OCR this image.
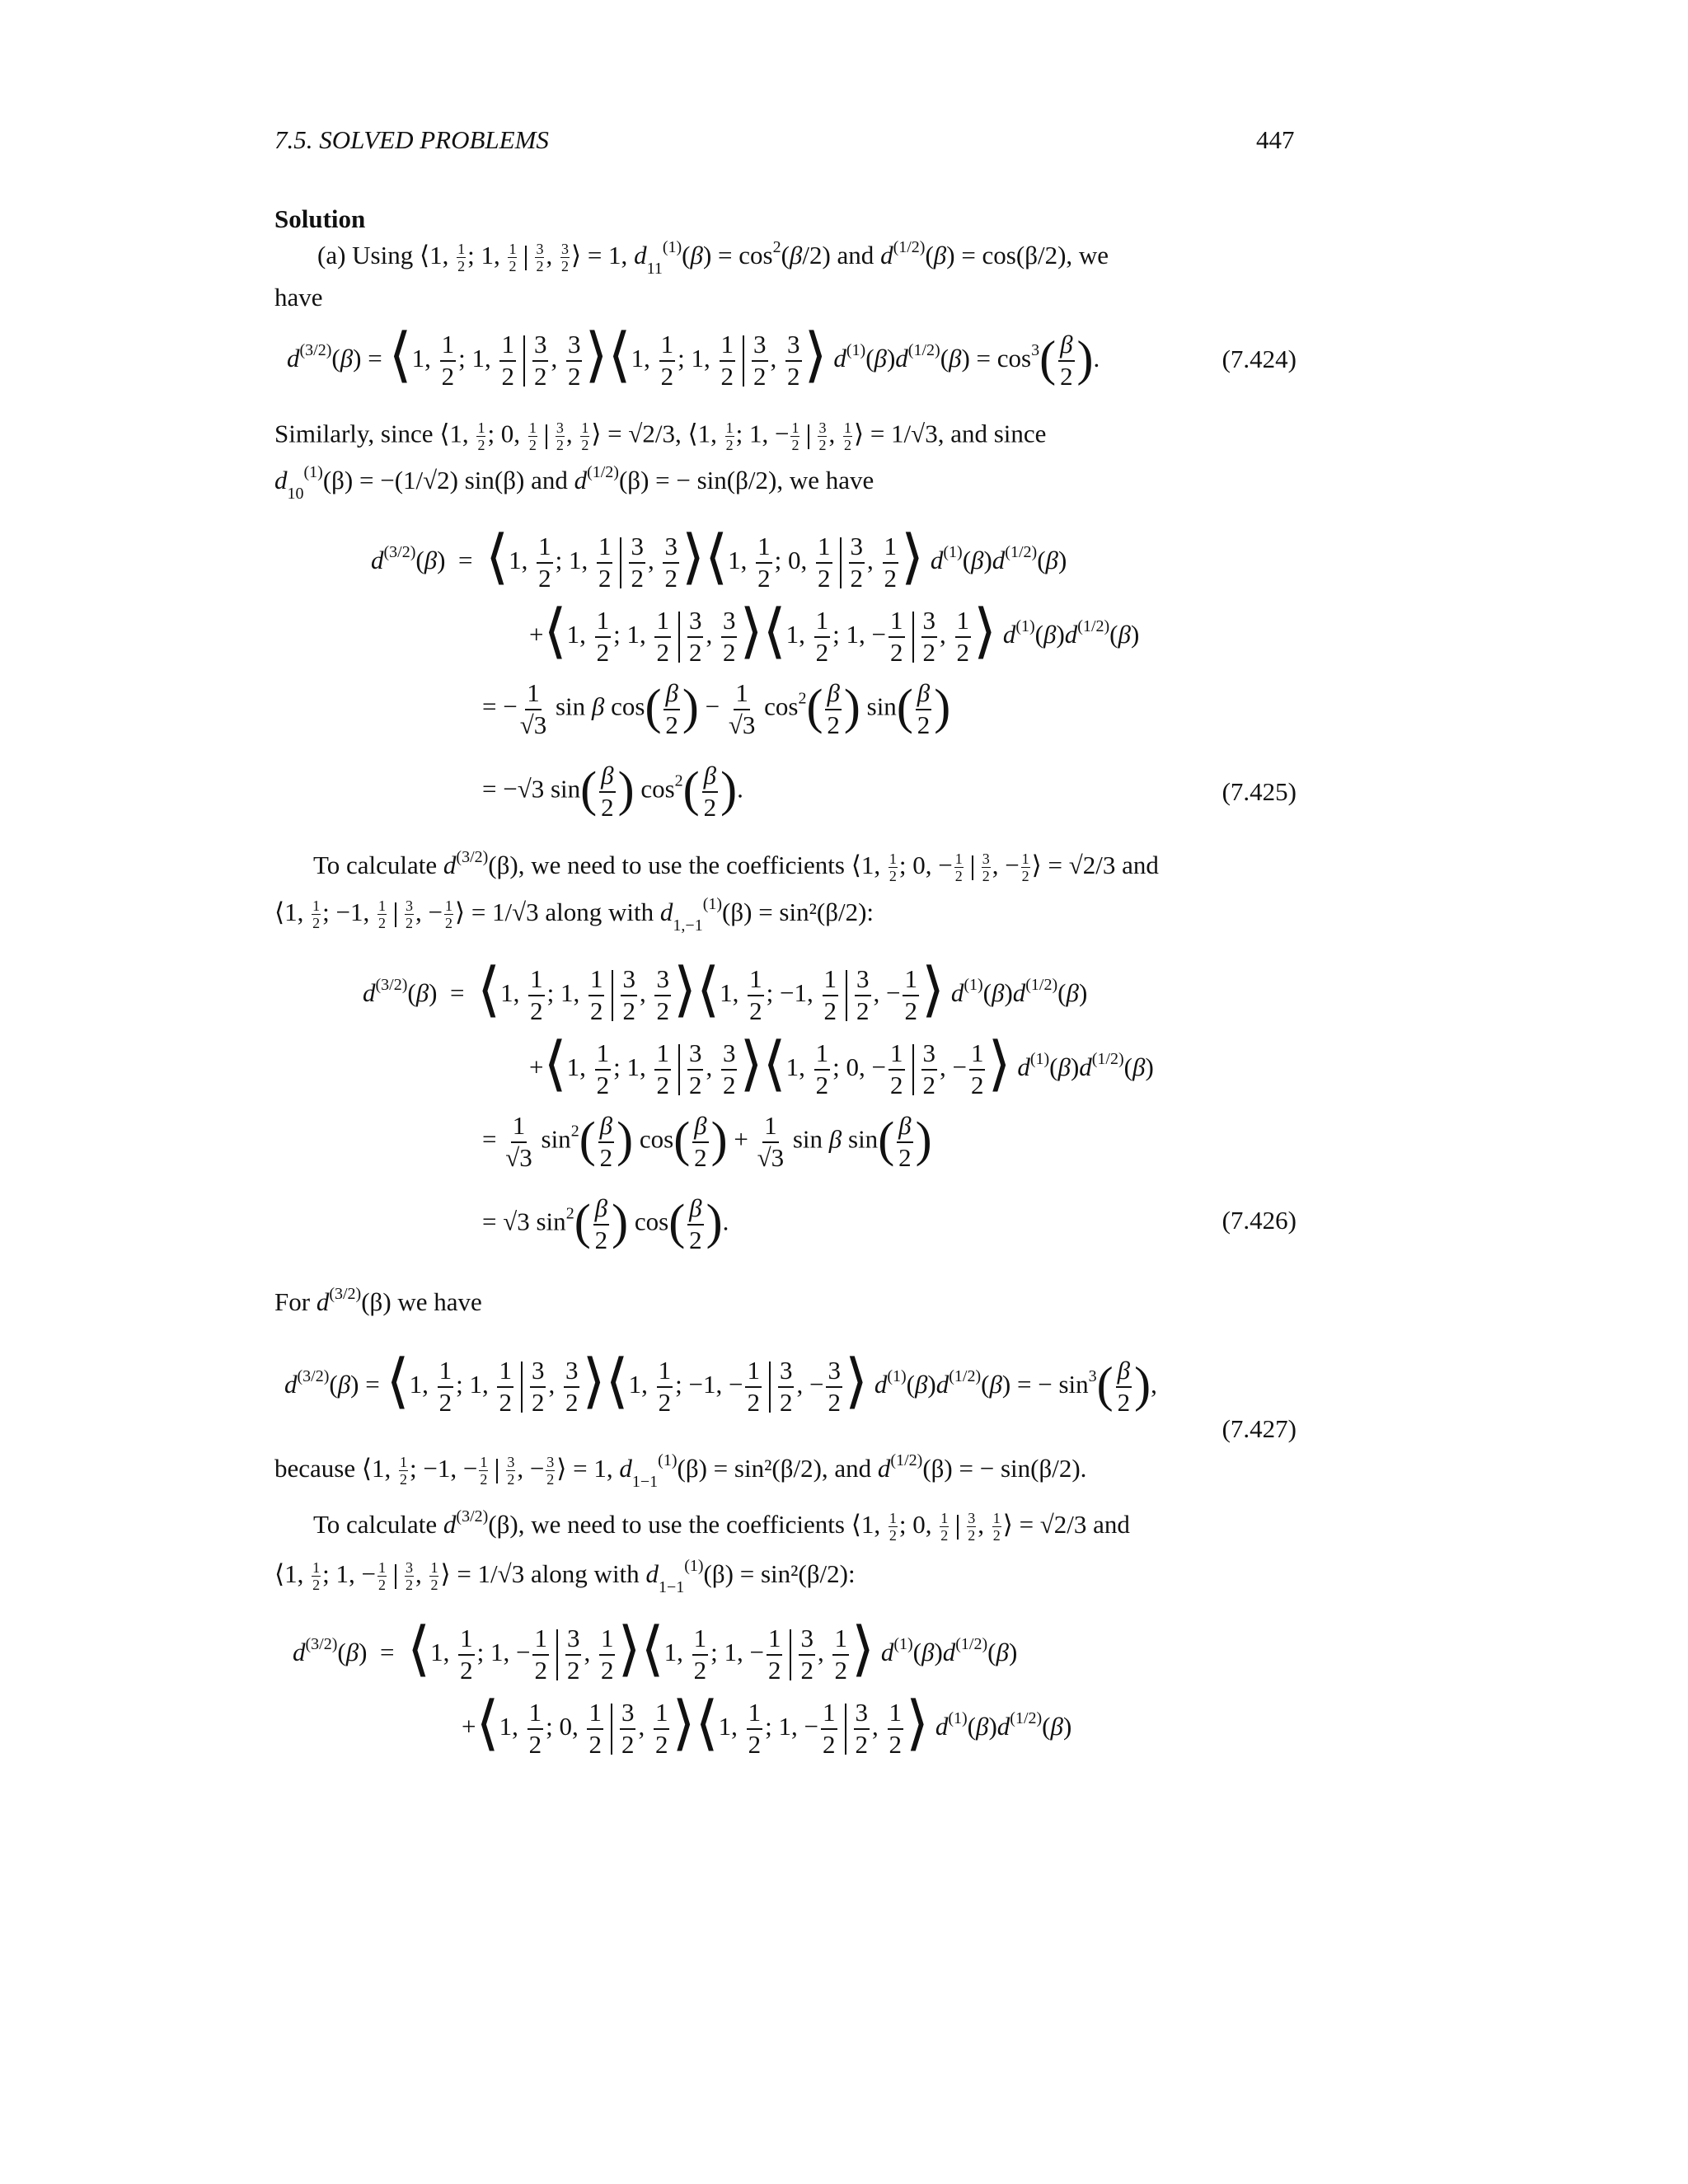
7.5. SOLVED PROBLEMS	447
Solution
(a) Using ⟨1, $\frac{1}{2}$ ; 1, $\frac{1}{2} \frac{3}{2}$ , $\frac{3}{2}$ ⟩ = 1, $d_{11}^{(1)}(\beta) = \cos^2(\beta/2)$ and $d^{(1/2)}(\beta) = \cos(\beta/2)$, we
have
$d^{(3/2)}(\beta)$ = ⟨1, $\frac{1}{2}$ ; 1, $\frac{1}{2} \frac{3}{2}$ , $\frac{3}{2}$ ⟩⟨1, $\frac{1}{2}$ ; 1, $\frac{1}{2} \frac{3}{2}$ , $\frac{3}{2}$ ⟩ $d^{(1)}(\beta)d^{(1/2)}(\beta) = \cos^3( \frac{\beta}{2}$ ).	(7.424)
Similarly, since ⟨1, $\frac{1}{2}$ ; 0, $\frac{1}{2} \frac{3}{2}$ , $\frac{1}{2}$ ⟩ = √2/3, ⟨1, $\frac{1}{2}$ ; 1, − $\frac{1}{2} \frac{3}{2}$ , $\frac{1}{2}$ ⟩ = 1/√3, and since
$d_{10}^{(1)}(\beta) = -(1/√2)$ sin(β) and $d^{(1/2)}(\beta)$ = − sin(β/2), we have
$d^{(3/2)}(\beta)$  =  ⟨1, $\frac{1}{2}$ ; 1, $\frac{1}{2} \frac{3}{2}$ , $\frac{3}{2}$ ⟩⟨1, $\frac{1}{2}$ ; 0, $\frac{1}{2} \frac{3}{2}$ , $\frac{1}{2}$ ⟩ $d^{(1)}(\beta)d^{(1/2)}(\beta)$
+⟨1, $\frac{1}{2}$ ; 1, $\frac{1}{2} \frac{3}{2}$ , $\frac{3}{2}$ ⟩⟨1, $\frac{1}{2}$ ; 1, − $\frac{1}{2} \frac{3}{2}$ , $\frac{1}{2}$ ⟩ $d^{(1)}(\beta)d^{(1/2)}(\beta)$
= − $\frac{1}{√3}$ sin β $\cos( \frac{\beta}{2}$ ) − $\frac{1}{√3} \cos^2( \frac{\beta}{2}$ ) $\sin( \frac{\beta}{2}$ )
= −√3 $\sin( \frac{\beta}{2}$ ) $\cos^2( \frac{\beta}{2}$ ).	(7.425)
To calculate $d^{(3/2)}(\beta)$, we need to use the coefficients ⟨1, $\frac{1}{2}$ ; 0, − $\frac{1}{2} \frac{3}{2}$ , − $\frac{1}{2}$ ⟩ = √2/3 and
⟨1, $\frac{1}{2}$ ; −1, $\frac{1}{2} \frac{3}{2}$ , − $\frac{1}{2}$ ⟩ = 1/√3 along with $d_{1,-1}^{(1)}(\beta) = \sin^2(\beta/2)$:
$d^{(3/2)}(\beta)$  =  ⟨1, $\frac{1}{2}$ ; 1, $\frac{1}{2} \frac{3}{2}$ , $\frac{3}{2}$ ⟩⟨1, $\frac{1}{2}$ ; −1, $\frac{1}{2} \frac{3}{2}$ , − $\frac{1}{2}$ ⟩ $d^{(1)}(\beta)d^{(1/2)}(\beta)$
+⟨1, $\frac{1}{2}$ ; 1, $\frac{1}{2} \frac{3}{2}$ , $\frac{3}{2}$ ⟩⟨1, $\frac{1}{2}$ ; 0, − $\frac{1}{2} \frac{3}{2}$ , − $\frac{1}{2}$ ⟩ $d^{(1)}(\beta)d^{(1/2)}(\beta)$
= $\frac{1}{√3} \sin^2( \frac{\beta}{2}$ ) $\cos( \frac{\beta}{2}$ ) + $\frac{1}{√3}$ sin β $\sin( \frac{\beta}{2}$ )
= √3 $\sin^2( \frac{\beta}{2}$ ) $\cos( \frac{\beta}{2}$ ).	(7.426)
For $d^{(3/2)}(\beta)$ we have
$d^{(3/2)}(\beta)$ = ⟨1, $\frac{1}{2}$ ; 1, $\frac{1}{2} \frac{3}{2}$ , $\frac{3}{2}$ ⟩⟨1, $\frac{1}{2}$ ; −1, − $\frac{1}{2} \frac{3}{2}$ , − $\frac{3}{2}$ ⟩ $d^{(1)}(\beta)d^{(1/2)}(\beta)$ = − $\sin^3( \frac{\beta}{2}$ ),
(7.427)
because ⟨1, $\frac{1}{2}$ ; −1, − $\frac{1}{2} \frac{3}{2}$ , − $\frac{3}{2}$ ⟩ = 1, $d_{1-1}^{(1)}(\beta) = \sin^2(\beta/2)$, and $d^{(1/2)}(\beta)$ = − sin(β/2).
To calculate $d^{(3/2)}(\beta)$, we need to use the coefficients ⟨1, $\frac{1}{2}$ ; 0, $\frac{1}{2} \frac{3}{2}$ , $\frac{1}{2}$ ⟩ = √2/3 and
⟨1, $\frac{1}{2}$ ; 1, − $\frac{1}{2} \frac{3}{2}$ , $\frac{1}{2}$ ⟩ = 1/√3 along with $d_{1-1}^{(1)}(\beta) = \sin^2(\beta/2)$:
$d^{(3/2)}(\beta)$  =  ⟨1, $\frac{1}{2}$ ; 1, − $\frac{1}{2} \frac{3}{2}$ , $\frac{1}{2}$ ⟩⟨1, $\frac{1}{2}$ ; 1, − $\frac{1}{2} \frac{3}{2}$ , $\frac{1}{2}$ ⟩ $d^{(1)}(\beta)d^{(1/2)}(\beta)$
+⟨1, $\frac{1}{2}$ ; 0, $\frac{1}{2} \frac{3}{2}$ , $\frac{1}{2}$ ⟩⟨1, $\frac{1}{2}$ ; 1, − $\frac{1}{2} \frac{3}{2}$ , $\frac{1}{2}$ ⟩ $d^{(1)}(\beta)d^{(1/2)}(\beta)$
